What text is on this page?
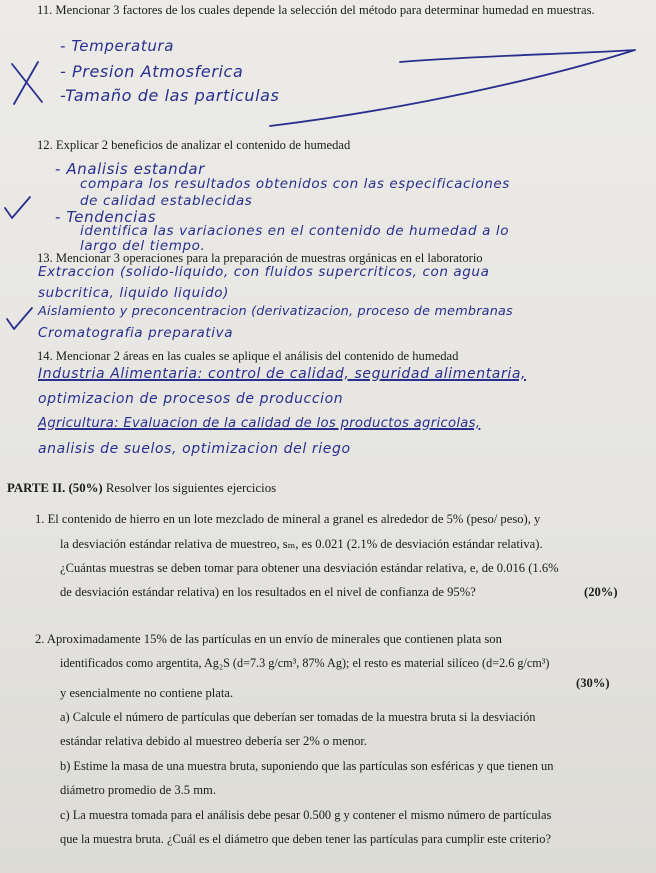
11. Mencionar 3 factores de los cuales depende la selección del método para determinar humedad en muestras.

- Temperatura

- Presion Atmosferica

-Tamaño de las particulas

12. Explicar 2 beneficios de analizar el contenido de humedad

- Analisis estandar

compara los resultados obtenidos con las especificaciones

de calidad establecidas

- Tendencias

identifica las variaciones en el contenido de humedad a lo

largo del tiempo.

13. Mencionar 3 operaciones para la preparación de muestras orgánicas en el laboratorio

Extraccion (solido-liquido, con fluidos supercriticos, con agua

subcritica, liquido liquido)

Aislamiento y preconcentracion (derivatizacion, proceso de membranas

Cromatografia preparativa

14. Mencionar 2 áreas en las cuales se aplique el análisis del contenido de humedad

Industria Alimentaria: control de calidad, seguridad alimentaria,

optimizacion de procesos de produccion

Agricultura: Evaluacion de la calidad de los productos agricolas,

analisis de suelos, optimizacion del riego

PARTE II. (50%) Resolver los siguientes ejercicios

1. El contenido de hierro en un lote mezclado de mineral a granel es alrededor de 5% (peso/ peso), y

la desviación estándar relativa de muestreo, sₘ, es 0.021 (2.1% de desviación estándar relativa).

¿Cuántas muestras se deben tomar para obtener una desviación estándar relativa, e, de 0.016 (1.6%

de desviación estándar relativa) en los resultados en el nivel de confianza de 95%?	(20%)

2. Aproximadamente 15% de las partículas en un envío de minerales que contienen plata son

identificados como argentita, Ag₂S (d=7.3 g/cm³, 87% Ag); el resto es material silíceo (d=2.6 g/cm³)

(30%)

y esencialmente no contiene plata.

a) Calcule el número de partículas que deberían ser tomadas de la muestra bruta si la desviación

estándar relativa debido al muestreo debería ser 2% o menor.

b) Estime la masa de una muestra bruta, suponiendo que las partículas son esféricas y que tienen un

diámetro promedio de 3.5 mm.

c) La muestra tomada para el análisis debe pesar 0.500 g y contener el mismo número de partículas

que la muestra bruta. ¿Cuál es el diámetro que deben tener las partículas para cumplir este criterio?
